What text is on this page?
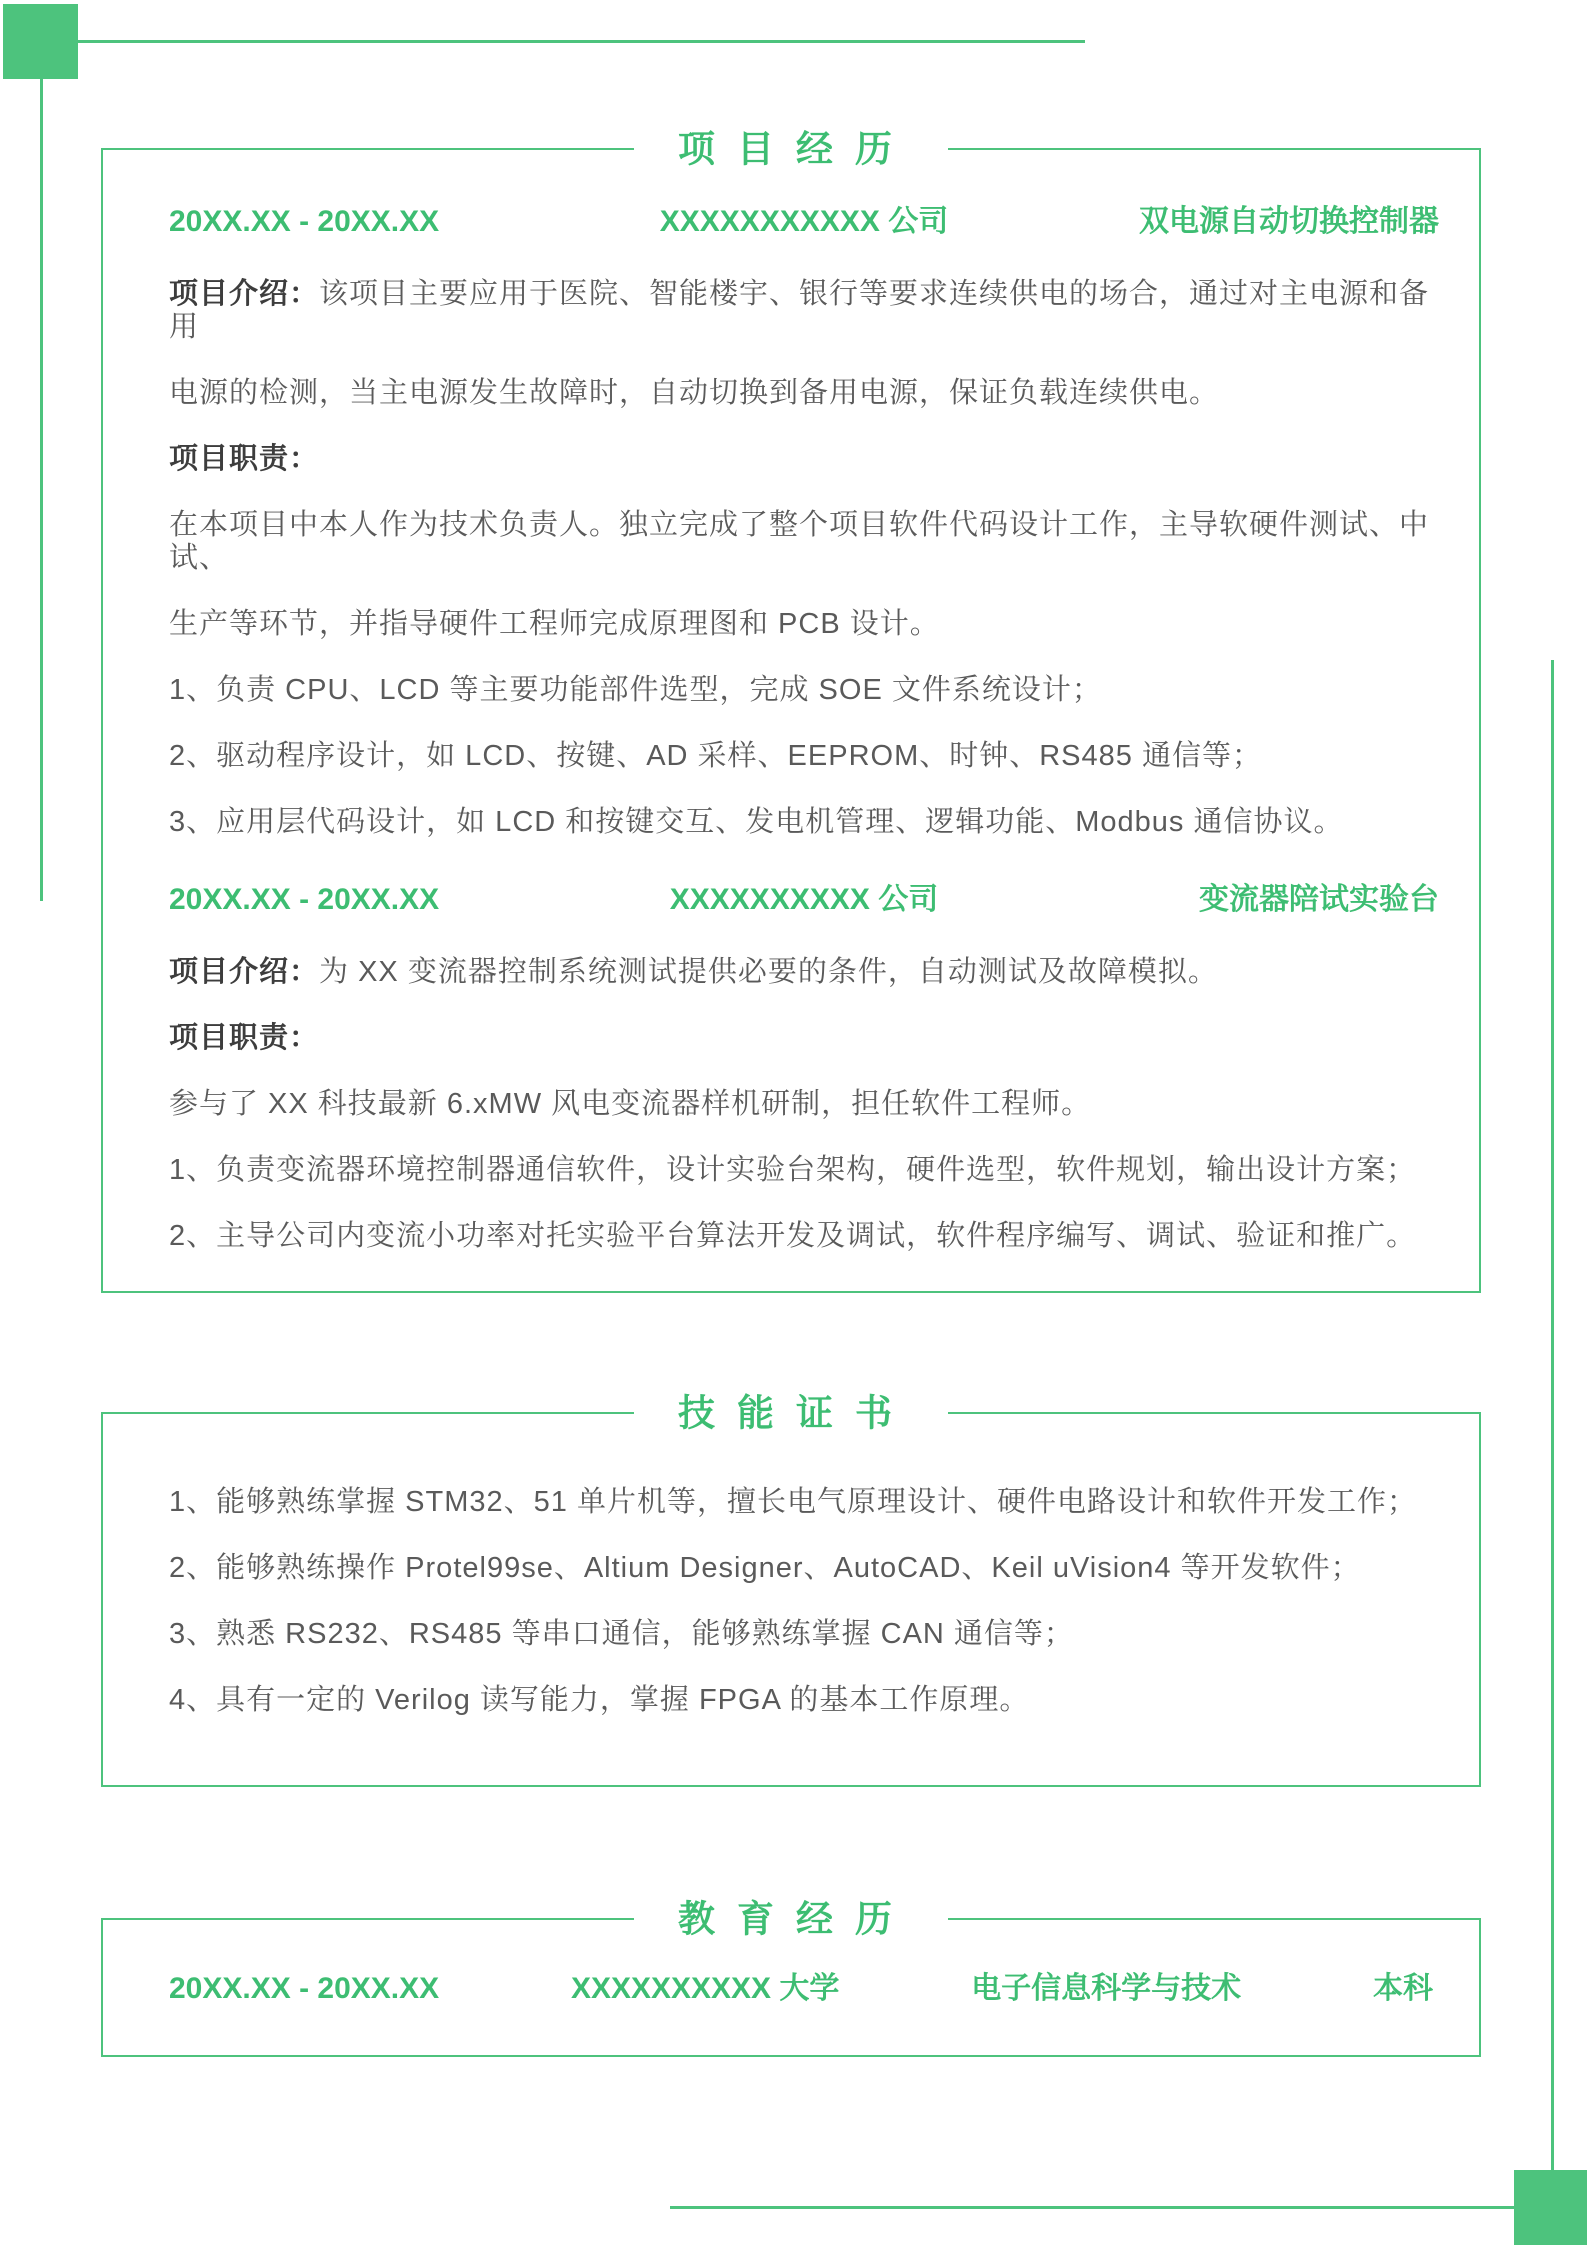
项目经历
20XX.XX - 20XX.XX	XXXXXXXXXXX 公司	双电源自动切换控制器

项目介绍：该项目主要应用于医院、智能楼宇、银行等要求连续供电的场合，通过对主电源和备用

电源的检测，当主电源发生故障时，自动切换到备用电源，保证负载连续供电。

项目职责：

在本项目中本人作为技术负责人。独立完成了整个项目软件代码设计工作，主导软硬件测试、中试、

生产等环节，并指导硬件工程师完成原理图和 PCB 设计。

1、负责 CPU、LCD 等主要功能部件选型，完成 SOE 文件系统设计；

2、驱动程序设计，如 LCD、按键、AD 采样、EEPROM、时钟、RS485 通信等；

3、应用层代码设计，如 LCD 和按键交互、发电机管理、逻辑功能、Modbus 通信协议。

20XX.XX - 20XX.XX	XXXXXXXXXX 公司	变流器陪试实验台

项目介绍：为 XX 变流器控制系统测试提供必要的条件，自动测试及故障模拟。

项目职责：

参与了 XX 科技最新 6.xMW 风电变流器样机研制，担任软件工程师。

1、负责变流器环境控制器通信软件，设计实验台架构，硬件选型，软件规划，输出设计方案；

2、主导公司内变流小功率对托实验平台算法开发及调试，软件程序编写、调试、验证和推广。

技能证书

1、能够熟练掌握 STM32、51 单片机等，擅长电气原理设计、硬件电路设计和软件开发工作；

2、能够熟练操作 Protel99se、Altium Designer、AutoCAD、Keil uVision4 等开发软件；

3、熟悉 RS232、RS485 等串口通信，能够熟练掌握 CAN 通信等；

4、具有一定的 Verilog 读写能力，掌握 FPGA 的基本工作原理。

教育经历
20XX.XX - 20XX.XX	XXXXXXXXXX 大学	电子信息科学与技术	本科
